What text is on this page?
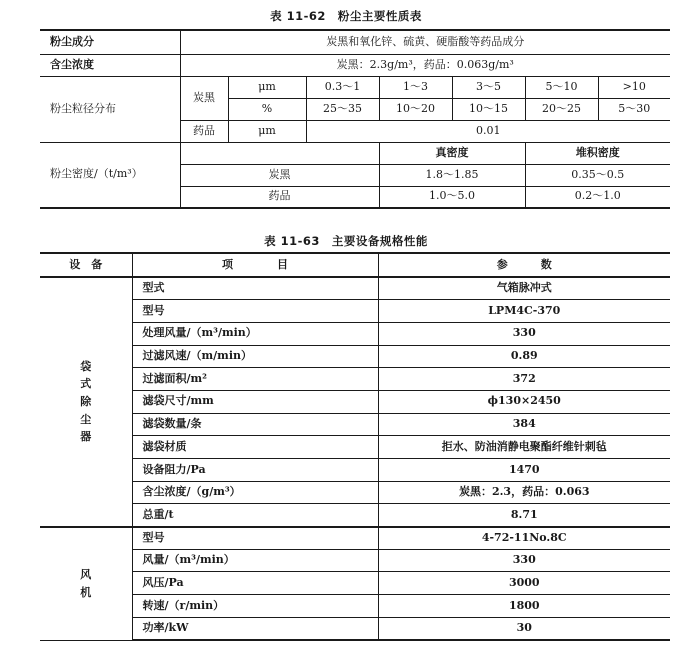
表 11-62　粉尘主要性质表
粉尘成分	炭黑和氧化锌、硫黄、硬脂酸等药品成分						
含尘浓度	炭黑：2.3g/m³，药品：0.063g/m³						
粉尘粒径分布	炭黑	μm	0.3～1	1～3	3～5	5～10	>10
		%	25～35	10～20	10～15	20～25	5～30
	药品	μm	0.01				
粉尘密度/（t/m³）				真密度		堆积密度	
	炭黑			1.8～1.85		0.35～0.5	
	药品			1.0～5.0		0.2～1.0	
表 11-63　主要设备规格性能
设　备	项　　　　目	参　　　数

袋
式
除
尘
器	型式	气箱脉冲式
	型号	LPM4C-370
	处理风量/（m³/min）	330
	过滤风速/（m/min）	0.89
	过滤面积/m²	372
	滤袋尺寸/mm	ϕ130×2450
	滤袋数量/条	384
	滤袋材质	拒水、防油消静电聚酯纤维针刺毡
	设备阻力/Pa	1470
	含尘浓度/（g/m³）	炭黑：2.3，药品：0.063
	总重/t	8.71

风
机	型号	4-72-11No.8C
	风量/（m³/min）	330
	风压/Pa	3000
	转速/（r/min）	1800
	功率/kW	30
